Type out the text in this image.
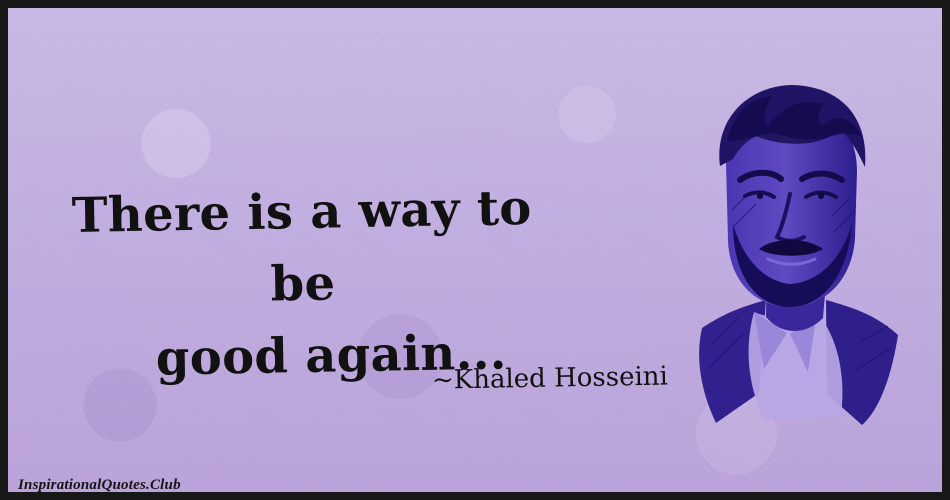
There is a way to be
good again...
~Khaled Hosseini
InspirationalQuotes.Club
